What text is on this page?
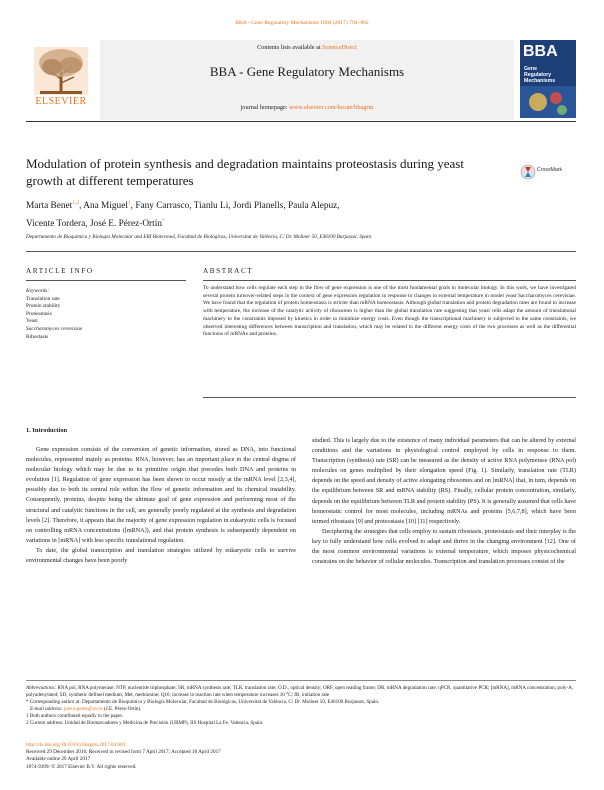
BBA - Gene Regulatory Mechanisms 1860 (2017) 794–802
Contents lists available at ScienceDirect
BBA - Gene Regulatory Mechanisms
journal homepage: www.elsevier.com/locate/bbagrm
ELSEVIER
BBA
Gene
Regulatory
Mechanisms
Modulation of protein synthesis and degradation maintains proteostasis during yeast growth at different temperatures
CrossMark
Marta Benet$^{1,2}$, Ana Miguel$^1$, Fany Carrasco, Tianlu Li, Jordi Planells, Paula Alepuz,
Vicente Tordera, José E. Pérez-Ortín*
Departamento de Bioquímica y Biología Molecular and ERI Biotecmed, Facultad de Biológicas, Universitat de València, C/ Dr. Moliner 50, E46100 Burjassot, Spain
ARTICLE INFO	ABSTRACT
Keywords:
Translation rate
Protein stability
Proteostasis
Yeast
Saccharomyces cerevisiae
Ribostasis
To understand how cells regulate each step in the flow of gene expression is one of the most fundamental goals in molecular biology. In this work, we have investigated several protein turnover-related steps in the context of gene expression regulation in response to changes in external temperature in model yeast Saccharomyces cerevisiae. We have found that the regulation of protein homeostasis is stricter than mRNA homeostasis. Although global translation and protein degradation rates are found to increase with temperature, the increase of the catalytic activity of ribosomes is higher than the global translation rate suggesting that yeast cells adapt the amount of translational machinery to the constraints imposed by kinetics in order to minimize energy costs. Even though the transcriptional machinery is subjected to the same constraints, we observed interesting differences between transcription and translation, which may be related to the different energy costs of the two processes as well as the differential functions of mRNAs and proteins.
1. Introduction

Gene expression consists of the conversion of genetic information, stored as DNA, into functional molecules, represented mainly as proteins. RNA, however, has an important place in the central dogma of molecular biology which may be due to its primitive origin that precedes both DNA and proteins in evolution [1]. Regulation of gene expression has been shown to occur mostly at the mRNA level [2,3,4], possibly due to both its central role within the flow of genetic information and its chemical instability. Consequently, proteins, despite being the ultimate goal of gene expression and performing most of the structural and catalytic functions in the cell, are generally poorly regulated at the synthesis and degradation levels [2]. Therefore, it appears that the majority of gene expression regulation in eukaryotic cells is focused on controlling mRNA concentrations ([mRNA]), and that protein synthesis is subsequently dependent on variations in [mRNA] with less specific translational regulation.

To date, the global transcription and translation strategies utilized by eukaryotic cells to survive environmental changes have been poorly

studied. This is largely due to the existence of many individual parameters that can be altered by external conditions and the variations in physiological control employed by cells in response to them. Transcription (synthesis) rate (SR) can be measured as the density of active RNA polymerase (RNA pol) molecules on genes multiplied by their elongation speed (Fig. 1). Similarly, translation rate (TLR) depends on the speed and density of active elongating ribosomes and on [mRNA] that, in turn, depends on the equilibrium between SR and mRNA stability (RS). Finally, cellular protein concentration, similarly, depends on the equilibrium between TLR and protein stability (PS). It is generally assumed that cells have homeostatic control for most molecules, including mRNAs and proteins [5,6,7,8], which have been termed ribostasis [9] and proteostasis [10] [11] respectively.

Deciphering the strategies that cells employ to sustain ribostasis, proteostasis and their interplay is the key to fully understand how cells evolved to adapt and thrive in the changing environment [12]. One of the most common environmental variations is external temperature, which imposes physicochemical constrains on the behavior of cellular molecules. Transcription and translation processes consist of the

Abbreviations: RNA pol, RNA polymerase; NTP, nucleotide triphosphate; SR, mRNA synthesis rate; TLR, translation rate; O.D., optical density; ORF, open reading frame; DR, mRNA degradation rate; qPCR, quantitative PCR; [mRNA], mRNA concentration; poly-A, polyadenylated; SD, synthetic defined medium; Met, methionine; Q10, increase in reaction rate when temperature increases 10 °C; IR, initiation rate
* Corresponding author at: Departamento de Bioquímica y Biología Molecular, Facultad de Biológicas, Universitat de València, C/ Dr. Moliner 50, E46100 Burjassot, Spain.
E-mail address: jose.e.perez@uv.es (J.E. Pérez-Ortín).
1 Both authors contributed equally to the paper.
2 Current address: Unidad de Biomarcadores y Medicina de Precisión (UBMP), IIS Hospital La Fe. Valencia, Spain.
http://dx.doi.org/10.1016/j.bbagrm.2017.04.003
Received 29 December 2016; Received in revised form 7 April 2017; Accepted 18 April 2017
Available online 29 April 2017
1874-9399/ © 2017 Elsevier B.V. All rights reserved.
